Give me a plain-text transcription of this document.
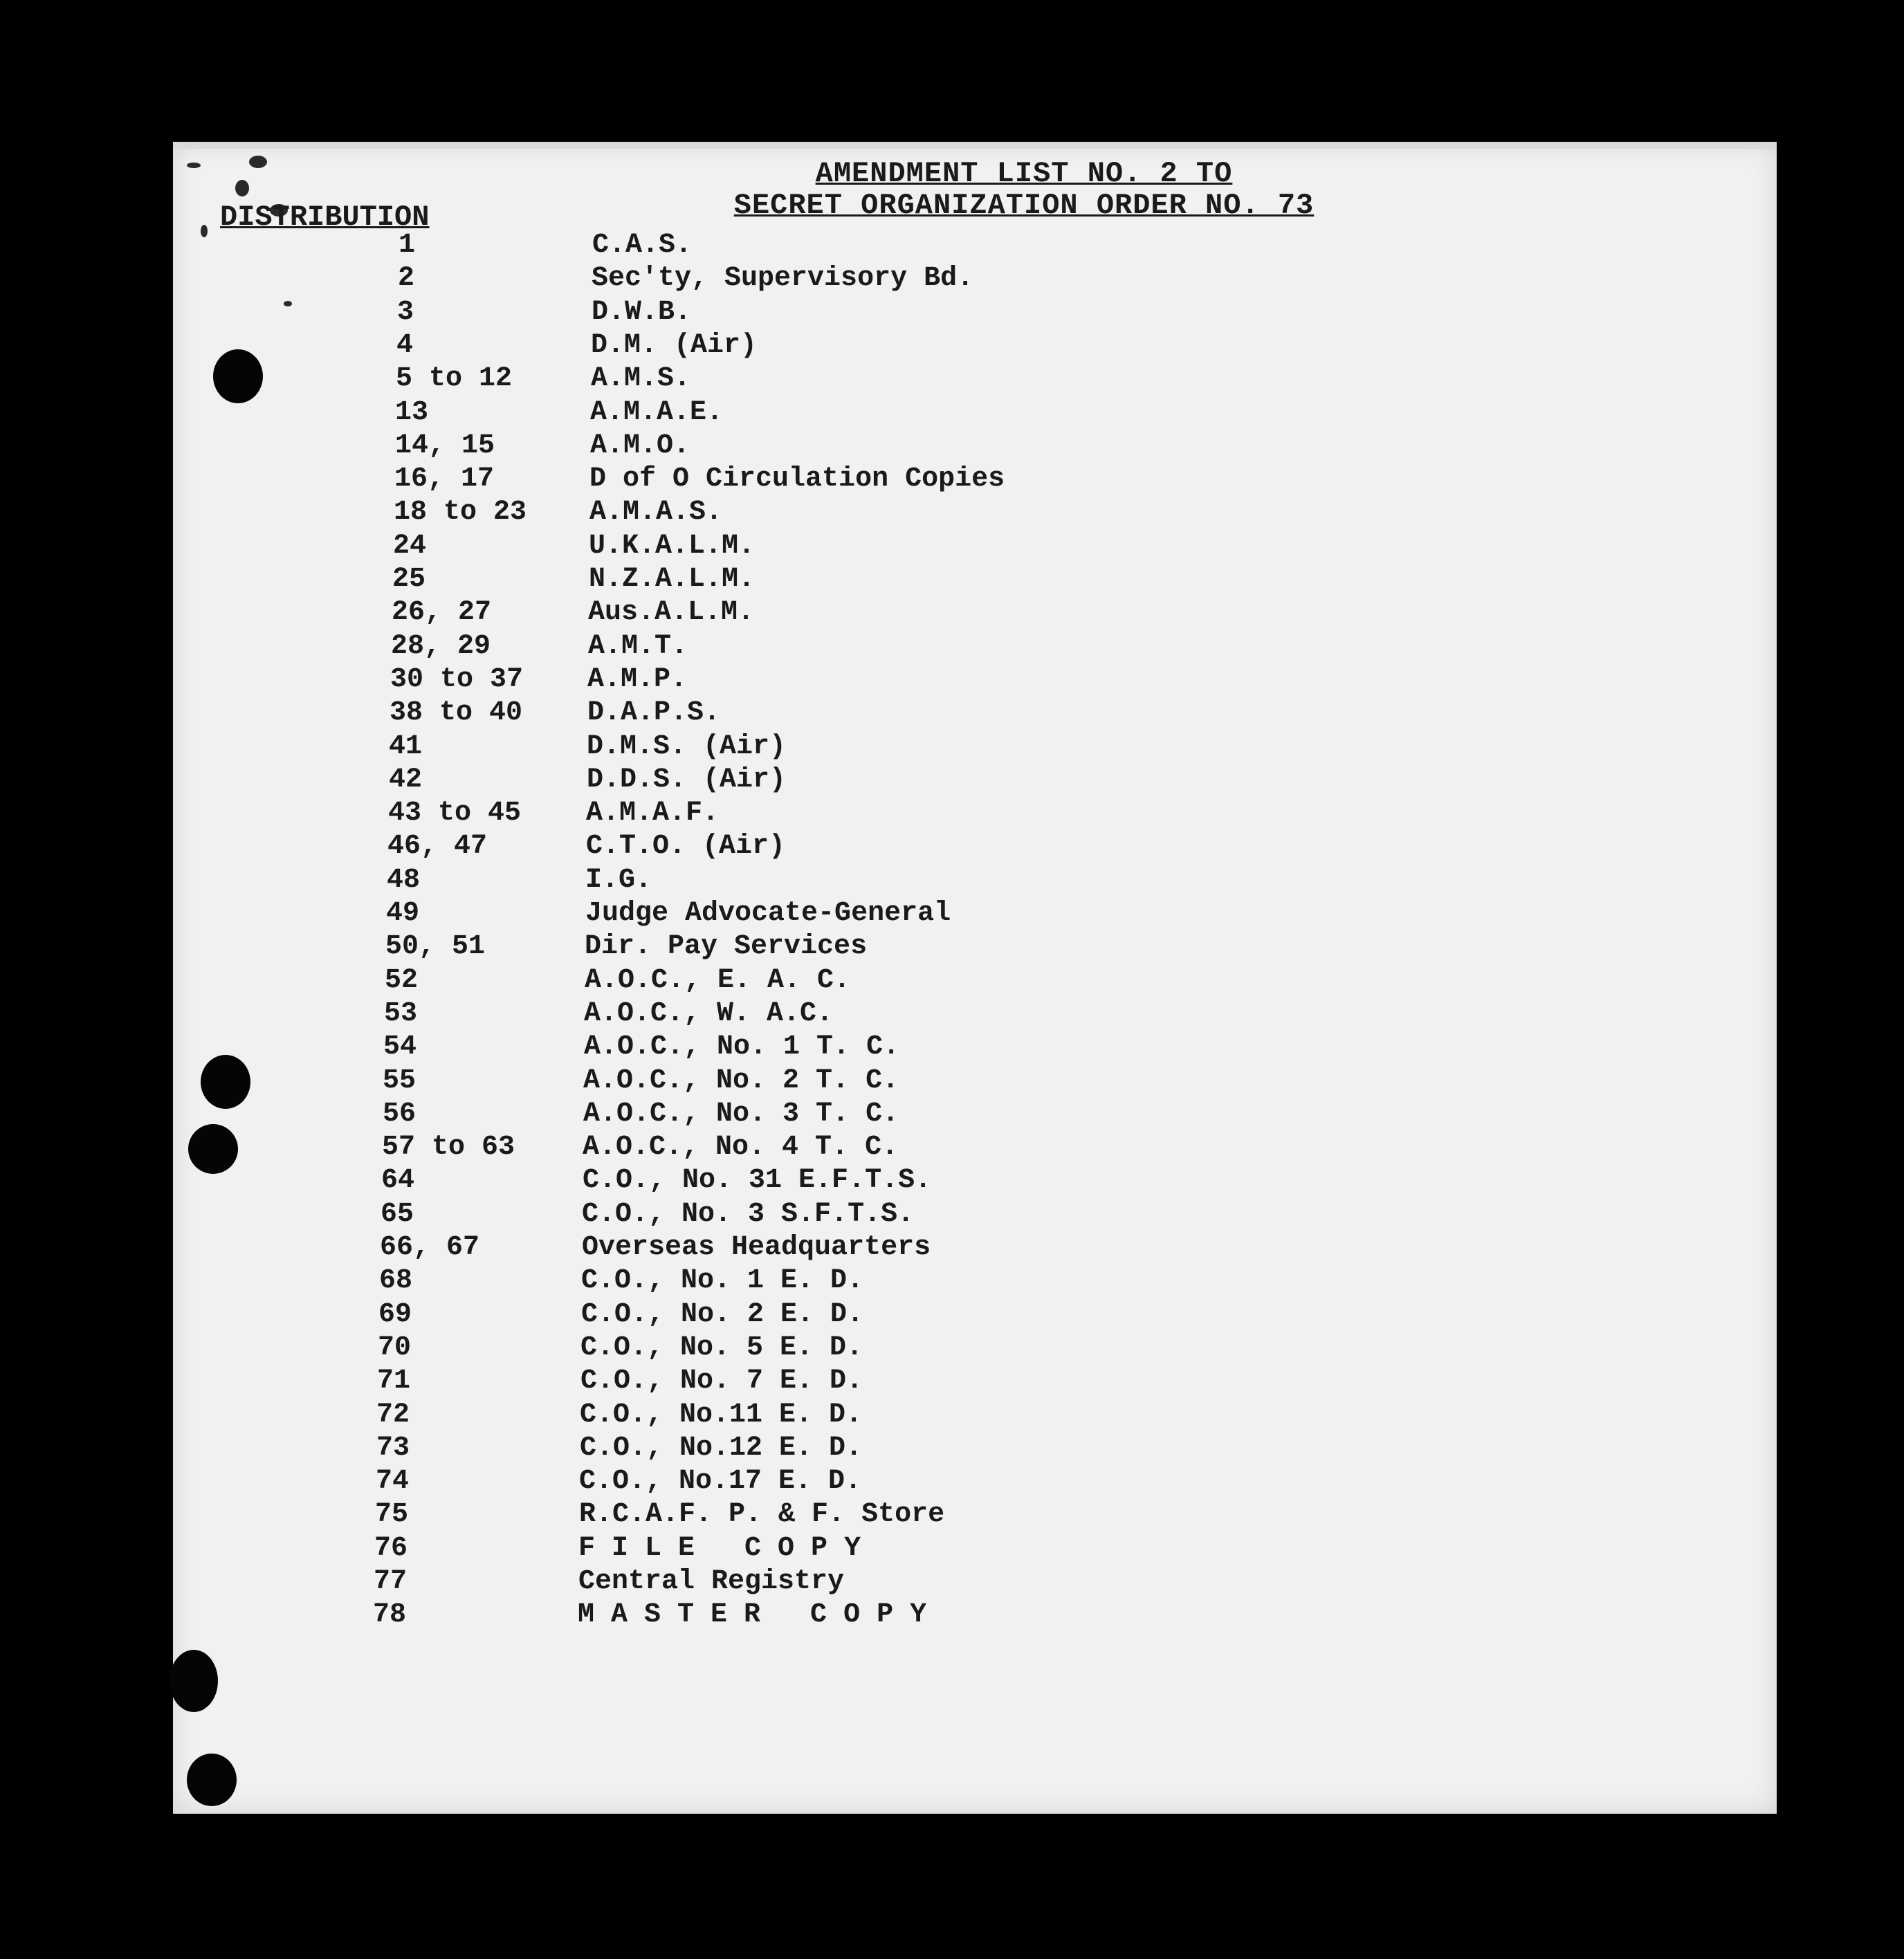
AMENDMENT LIST NO. 2 TO
SECRET ORGANIZATION ORDER NO. 73
DISTRIBUTION
1	C.A.S.
2	Sec'ty, Supervisory Bd.
3	D.W.B.
4	D.M. (Air)
5 to 12	A.M.S.
13	A.M.A.E.
14, 15	A.M.O.
16, 17	D of O Circulation Copies
18 to 23 A.M.A.S.
24	U.K.A.L.M.
25	N.Z.A.L.M.
26, 27	Aus.A.L.M.
28, 29	A.M.T.
30 to 37 A.M.P.
38 to 40 D.A.P.S.
41	D.M.S. (Air)
42	D.D.S. (Air)
43 to 45 A.M.A.F.
46, 47	C.T.O. (Air)
48	I.G.
49	Judge Advocate-General
50, 51	Dir. Pay Services
52	A.O.C., E. A. C.
53	A.O.C., W. A.C.
54	A.O.C., No. 1 T. C.
55	A.O.C., No. 2 T. C.
56	A.O.C., No. 3 T. C.
57 to 63 A.O.C., No. 4 T. C.
64	C.O., No. 31 E.F.T.S.
65	C.O., No. 3 S.F.T.S.
66, 67	Overseas Headquarters
68	C.O., No. 1 E. D.
69	C.O., No. 2 E. D.
70	C.O., No. 5 E. D.
71	C.O., No. 7 E. D.
72	C.O., No.11 E. D.
73	C.O., No.12 E. D.
74	C.O., No.17 E. D.
75	R.C.A.F. P. & F. Store
76	F I L E   C O P Y
77	Central Registry
78	M A S T E R   C O P Y
